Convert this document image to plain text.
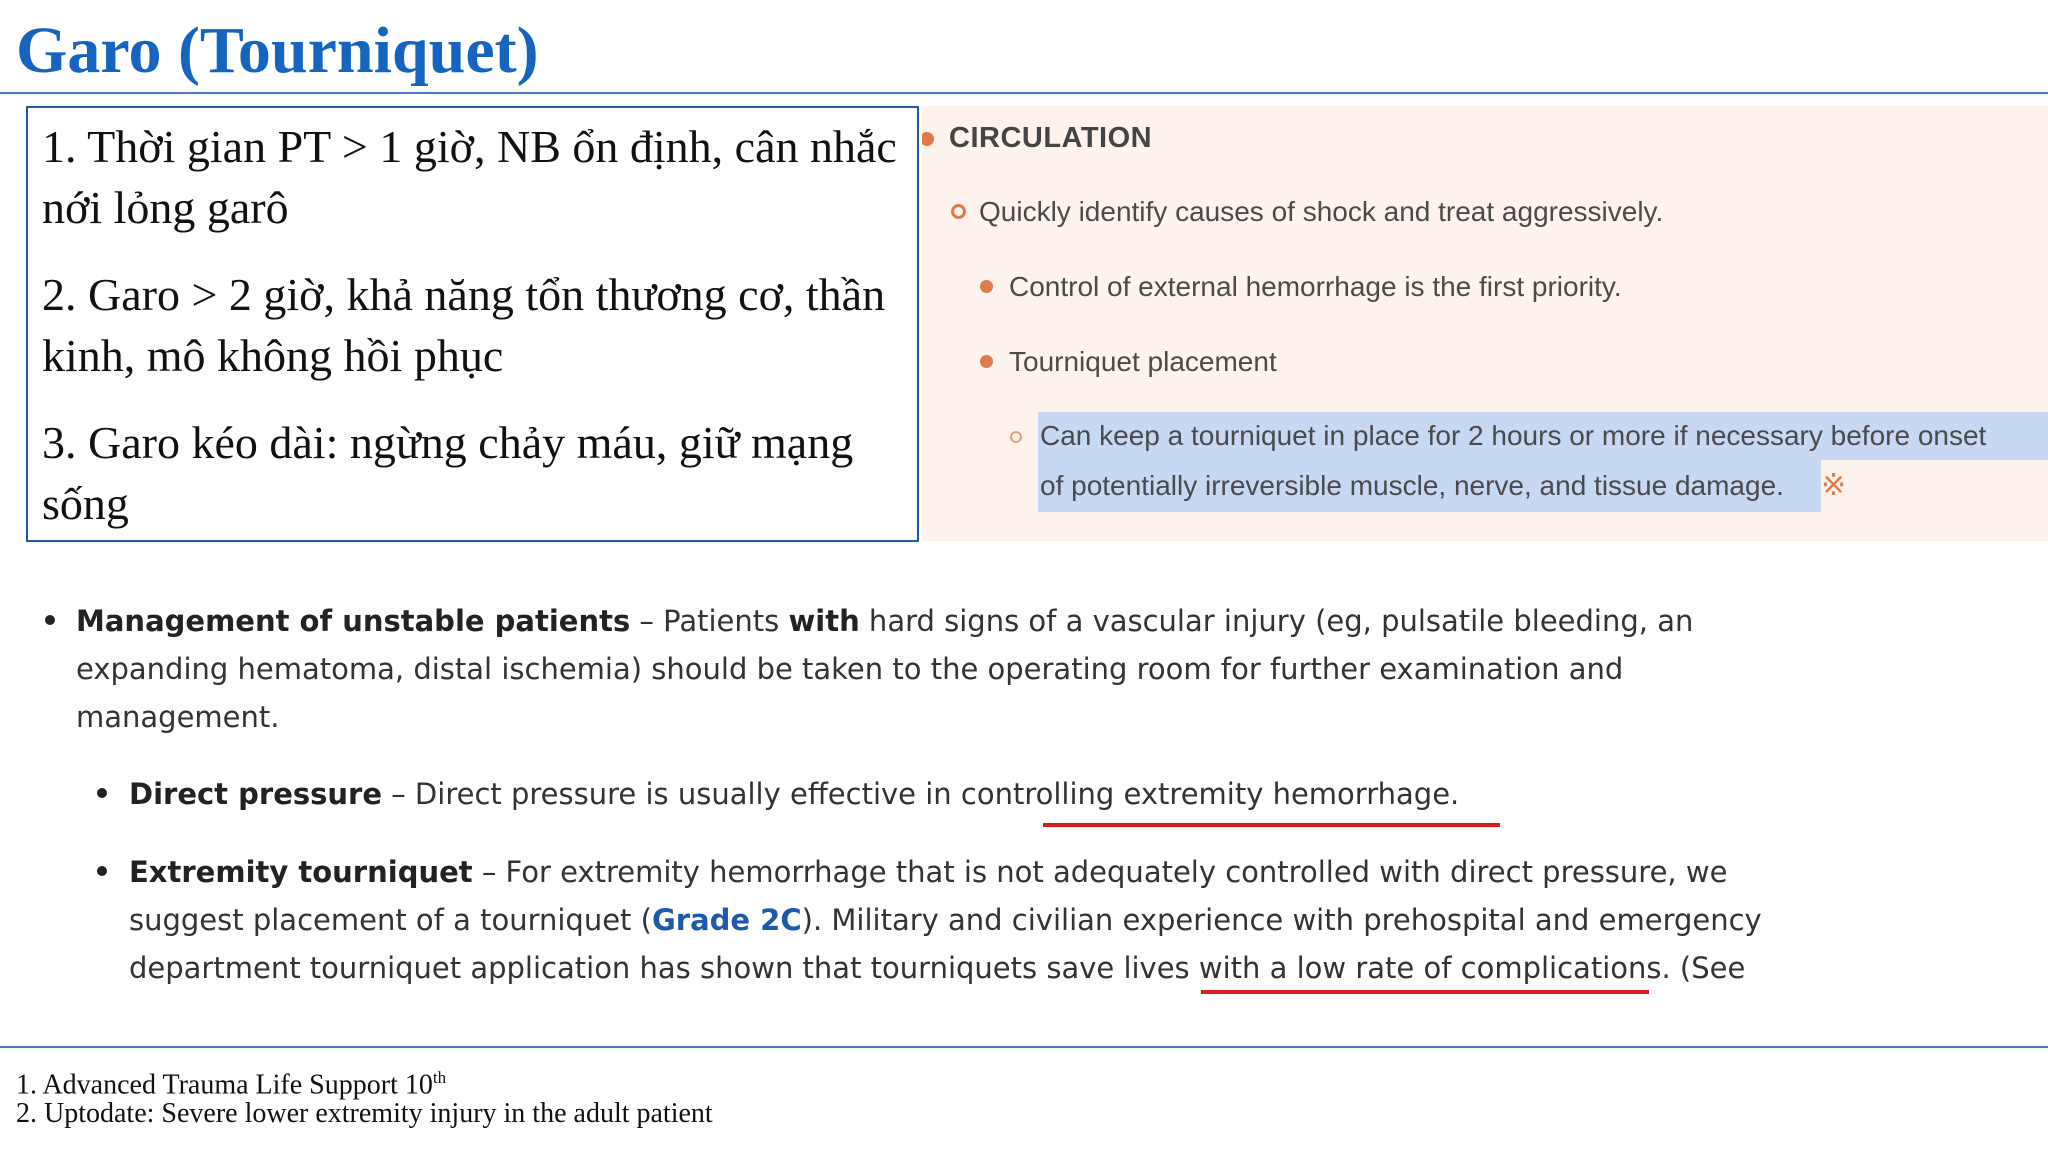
Garo (Tourniquet)

1. Thời gian PT > 1 giờ, NB ổn định, cân nhắc nới lỏng garô

2. Garo > 2 giờ, khả năng tổn thương cơ, thần kinh, mô không hồi phục

3. Garo kéo dài: ngừng chảy máu, giữ mạng sống

CIRCULATION
Quickly identify causes of shock and treat aggressively.
Control of external hemorrhage is the first priority.
Tourniquet placement
Can keep a tourniquet in place for 2 hours or more if necessary before onset
of potentially irreversible muscle, nerve, and tissue damage. ※
Management of unstable patients – Patients with hard signs of a vascular injury (eg, pulsatile bleeding, an
expanding hematoma, distal ischemia) should be taken to the operating room for further examination and
management.
Direct pressure – Direct pressure is usually effective in controlling extremity hemorrhage.
Extremity tourniquet – For extremity hemorrhage that is not adequately controlled with direct pressure, we
suggest placement of a tourniquet (Grade 2C). Military and civilian experience with prehospital and emergency
department tourniquet application has shown that tourniquets save lives with a low rate of complications. (See
1. Advanced Trauma Life Support 10th
2. Uptodate: Severe lower extremity injury in the adult patient
